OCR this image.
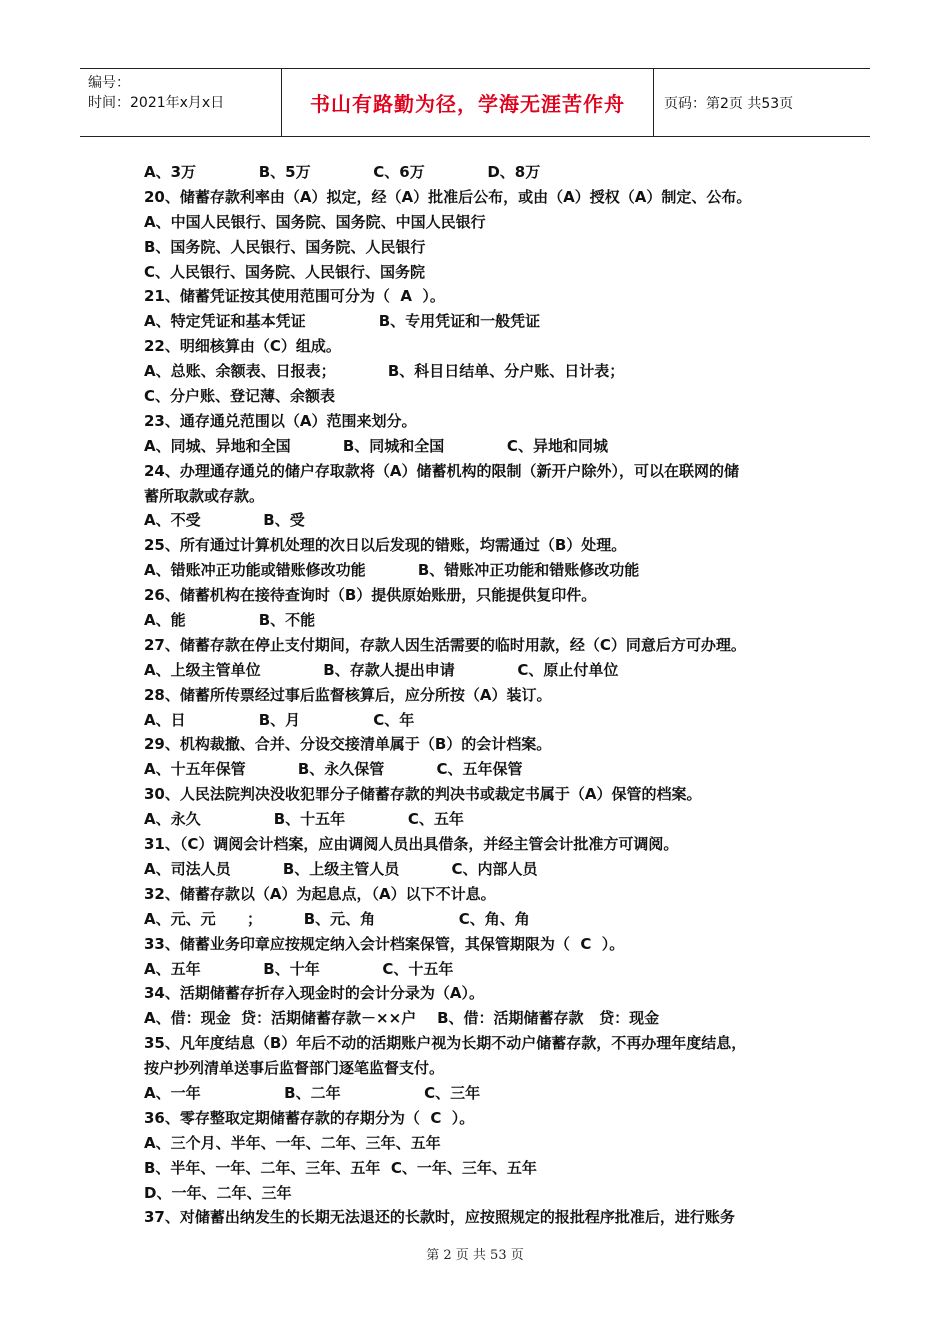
编号：
时间：2021年x月x日	书山有路勤为径，学海无涯苦作舟	页码：第2页 共53页
A、3万            B、5万            C、6万            D、8万
20、储蓄存款利率由（A）拟定，经（A）批准后公布，或由（A）授权（A）制定、公布。
A、中国人民银行、国务院、国务院、中国人民银行
B、国务院、人民银行、国务院、人民银行
C、人民银行、国务院、人民银行、国务院
21、储蓄凭证按其使用范围可分为（  A  ）。
A、特定凭证和基本凭证              B、专用凭证和一般凭证
22、明细核算由（C）组成。
A、总账、余额表、日报表；          B、科目日结单、分户账、日计表；
C、分户账、登记薄、余额表
23、通存通兑范围以（A）范围来划分。
A、同城、异地和全国          B、同城和全国            C、异地和同城
24、办理通存通兑的储户存取款将（A）储蓄机构的限制（新开户除外），可以在联网的储
蓄所取款或存款。
A、不受            B、受
25、所有通过计算机处理的次日以后发现的错账，均需通过（B）处理。
A、错账冲正功能或错账修改功能          B、错账冲正功能和错账修改功能
26、储蓄机构在接待查询时（B）提供原始账册，只能提供复印件。
A、能              B、不能
27、储蓄存款在停止支付期间，存款人因生活需要的临时用款，经（C）同意后方可办理。
A、上级主管单位            B、存款人提出申请            C、原止付单位
28、储蓄所传票经过事后监督核算后，应分所按（A）装订。
A、日              B、月              C、年
29、机构裁撤、合并、分设交接清单属于（B）的会计档案。
A、十五年保管          B、永久保管          C、五年保管
30、人民法院判决没收犯罪分子储蓄存款的判决书或裁定书属于（A）保管的档案。
A、永久              B、十五年            C、五年
31、（C）调阅会计档案，应由调阅人员出具借条，并经主管会计批准方可调阅。
A、司法人员          B、上级主管人员          C、内部人员
32、储蓄存款以（A）为起息点，（A）以下不计息。
A、元、元      ；        B、元、角                C、角、角
33、储蓄业务印章应按规定纳入会计档案保管，其保管期限为（  C  ）。
A、五年            B、十年            C、十五年
34、活期储蓄存折存入现金时的会计分录为（A）。
A、借：现金  贷：活期储蓄存款－××户    B、借：活期储蓄存款   贷：现金
35、凡年度结息（B）年后不动的活期账户视为长期不动户储蓄存款，不再办理年度结息，
按户抄列清单送事后监督部门逐笔监督支付。
A、一年                B、二年                C、三年
36、零存整取定期储蓄存款的存期分为（  C  ）。
A、三个月、半年、一年、二年、三年、五年
B、半年、一年、二年、三年、五年  C、一年、三年、五年
D、一年、二年、三年
37、对储蓄出纳发生的长期无法退还的长款时，应按照规定的报批程序批准后，进行账务
第 2 页 共 53 页
